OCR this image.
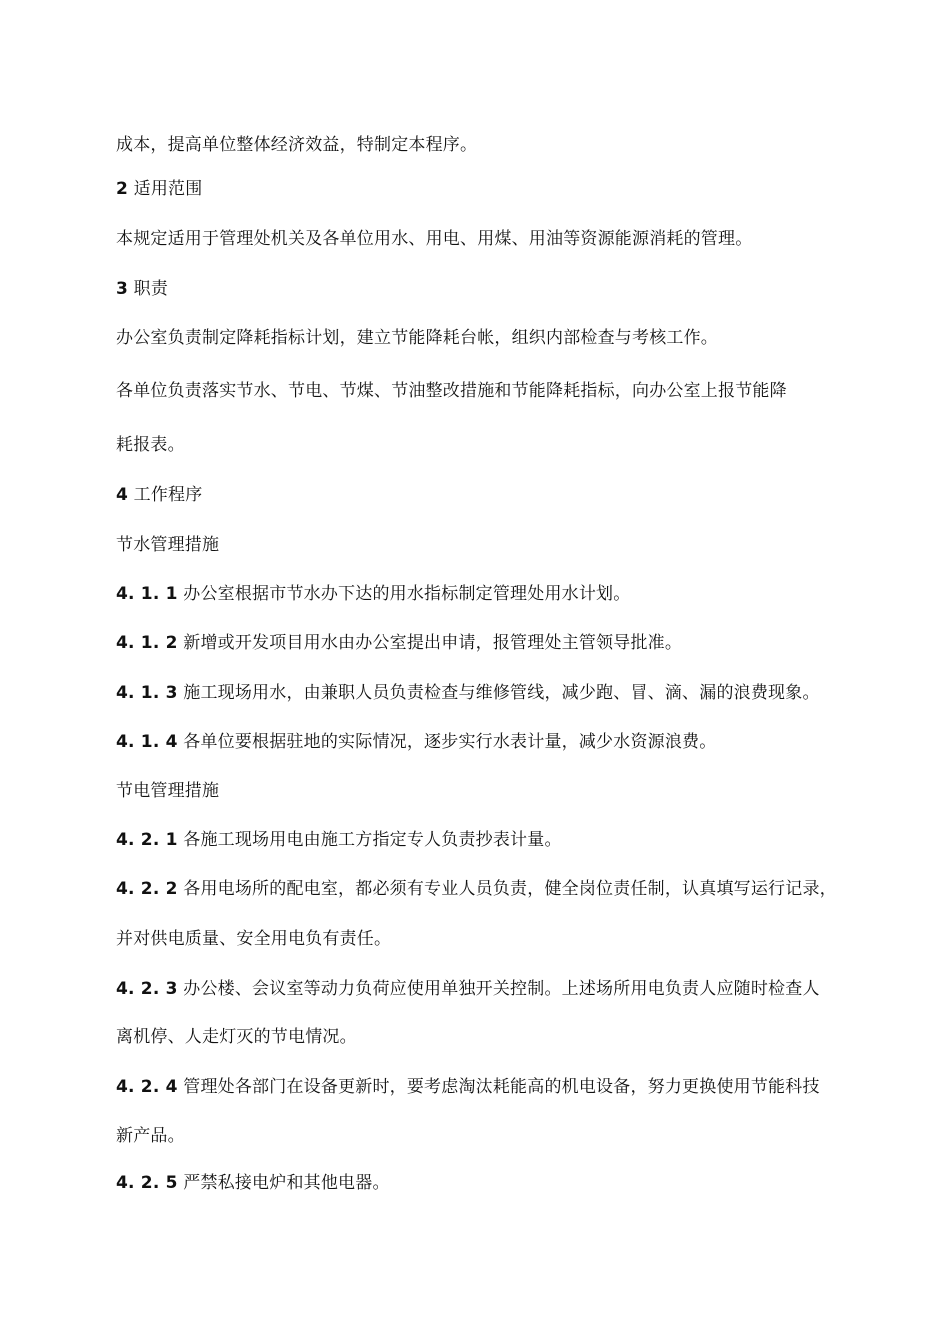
成本，提高单位整体经济效益，特制定本程序。
2 适用范围
本规定适用于管理处机关及各单位用水、用电、用煤、用油等资源能源消耗的管理。
3 职责
办公室负责制定降耗指标计划，建立节能降耗台帐，组织内部检查与考核工作。
各单位负责落实节水、节电、节煤、节油整改措施和节能降耗指标，向办公室上报节能降
耗报表。
4 工作程序
节水管理措施
4. 1. 1 办公室根据市节水办下达的用水指标制定管理处用水计划。
4. 1. 2 新增或开发项目用水由办公室提出申请，报管理处主管领导批准。
4. 1. 3 施工现场用水，由兼职人员负责检查与维修管线，减少跑、冒、滴、漏的浪费现象。
4. 1. 4 各单位要根据驻地的实际情况，逐步实行水表计量，减少水资源浪费。
节电管理措施
4. 2. 1 各施工现场用电由施工方指定专人负责抄表计量。
4. 2. 2 各用电场所的配电室，都必须有专业人员负责，健全岗位责任制，认真填写运行记录，
并对供电质量、安全用电负有责任。
4. 2. 3 办公楼、会议室等动力负荷应使用单独开关控制。上述场所用电负责人应随时检查人
离机停、人走灯灭的节电情况。
4. 2. 4 管理处各部门在设备更新时，要考虑淘汰耗能高的机电设备，努力更换使用节能科技
新产品。
4. 2. 5 严禁私接电炉和其他电器。
